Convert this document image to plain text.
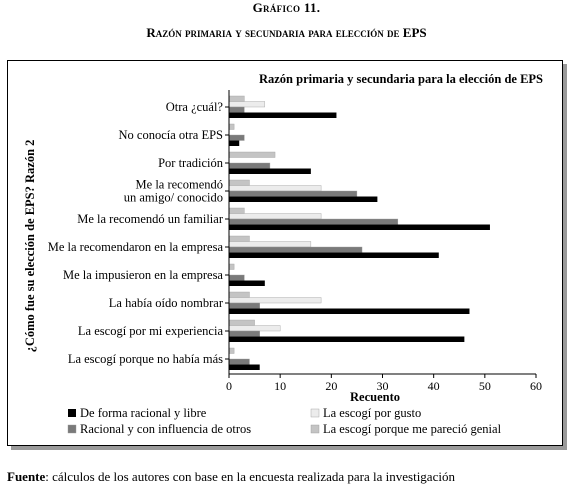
Gráfico 11.
Razón primaria y secundaria para elección de EPS
Razón primaria y secundaria para la elección de EPS
¿Cómo fue su elección de EPS? Razón 2
Recuento
0	10	20	30	40	50	60
Otra ¿cuál?
No conocía otra EPS
Por tradición
Me la recomendó un amigo/ conocido
Me la recomendó un familiar
Me la recomendaron en la empresa
Me la impusieron en la empresa
La había oído nombrar
La escogí por mi experiencia
La escogí porque no había más
De forma racional y libre	La escogí por gusto
Racional y con influencia de otros	La escogí porque me pareció genial
Fuente: cálculos de los autores con base en la encuesta realizada para la investigación
